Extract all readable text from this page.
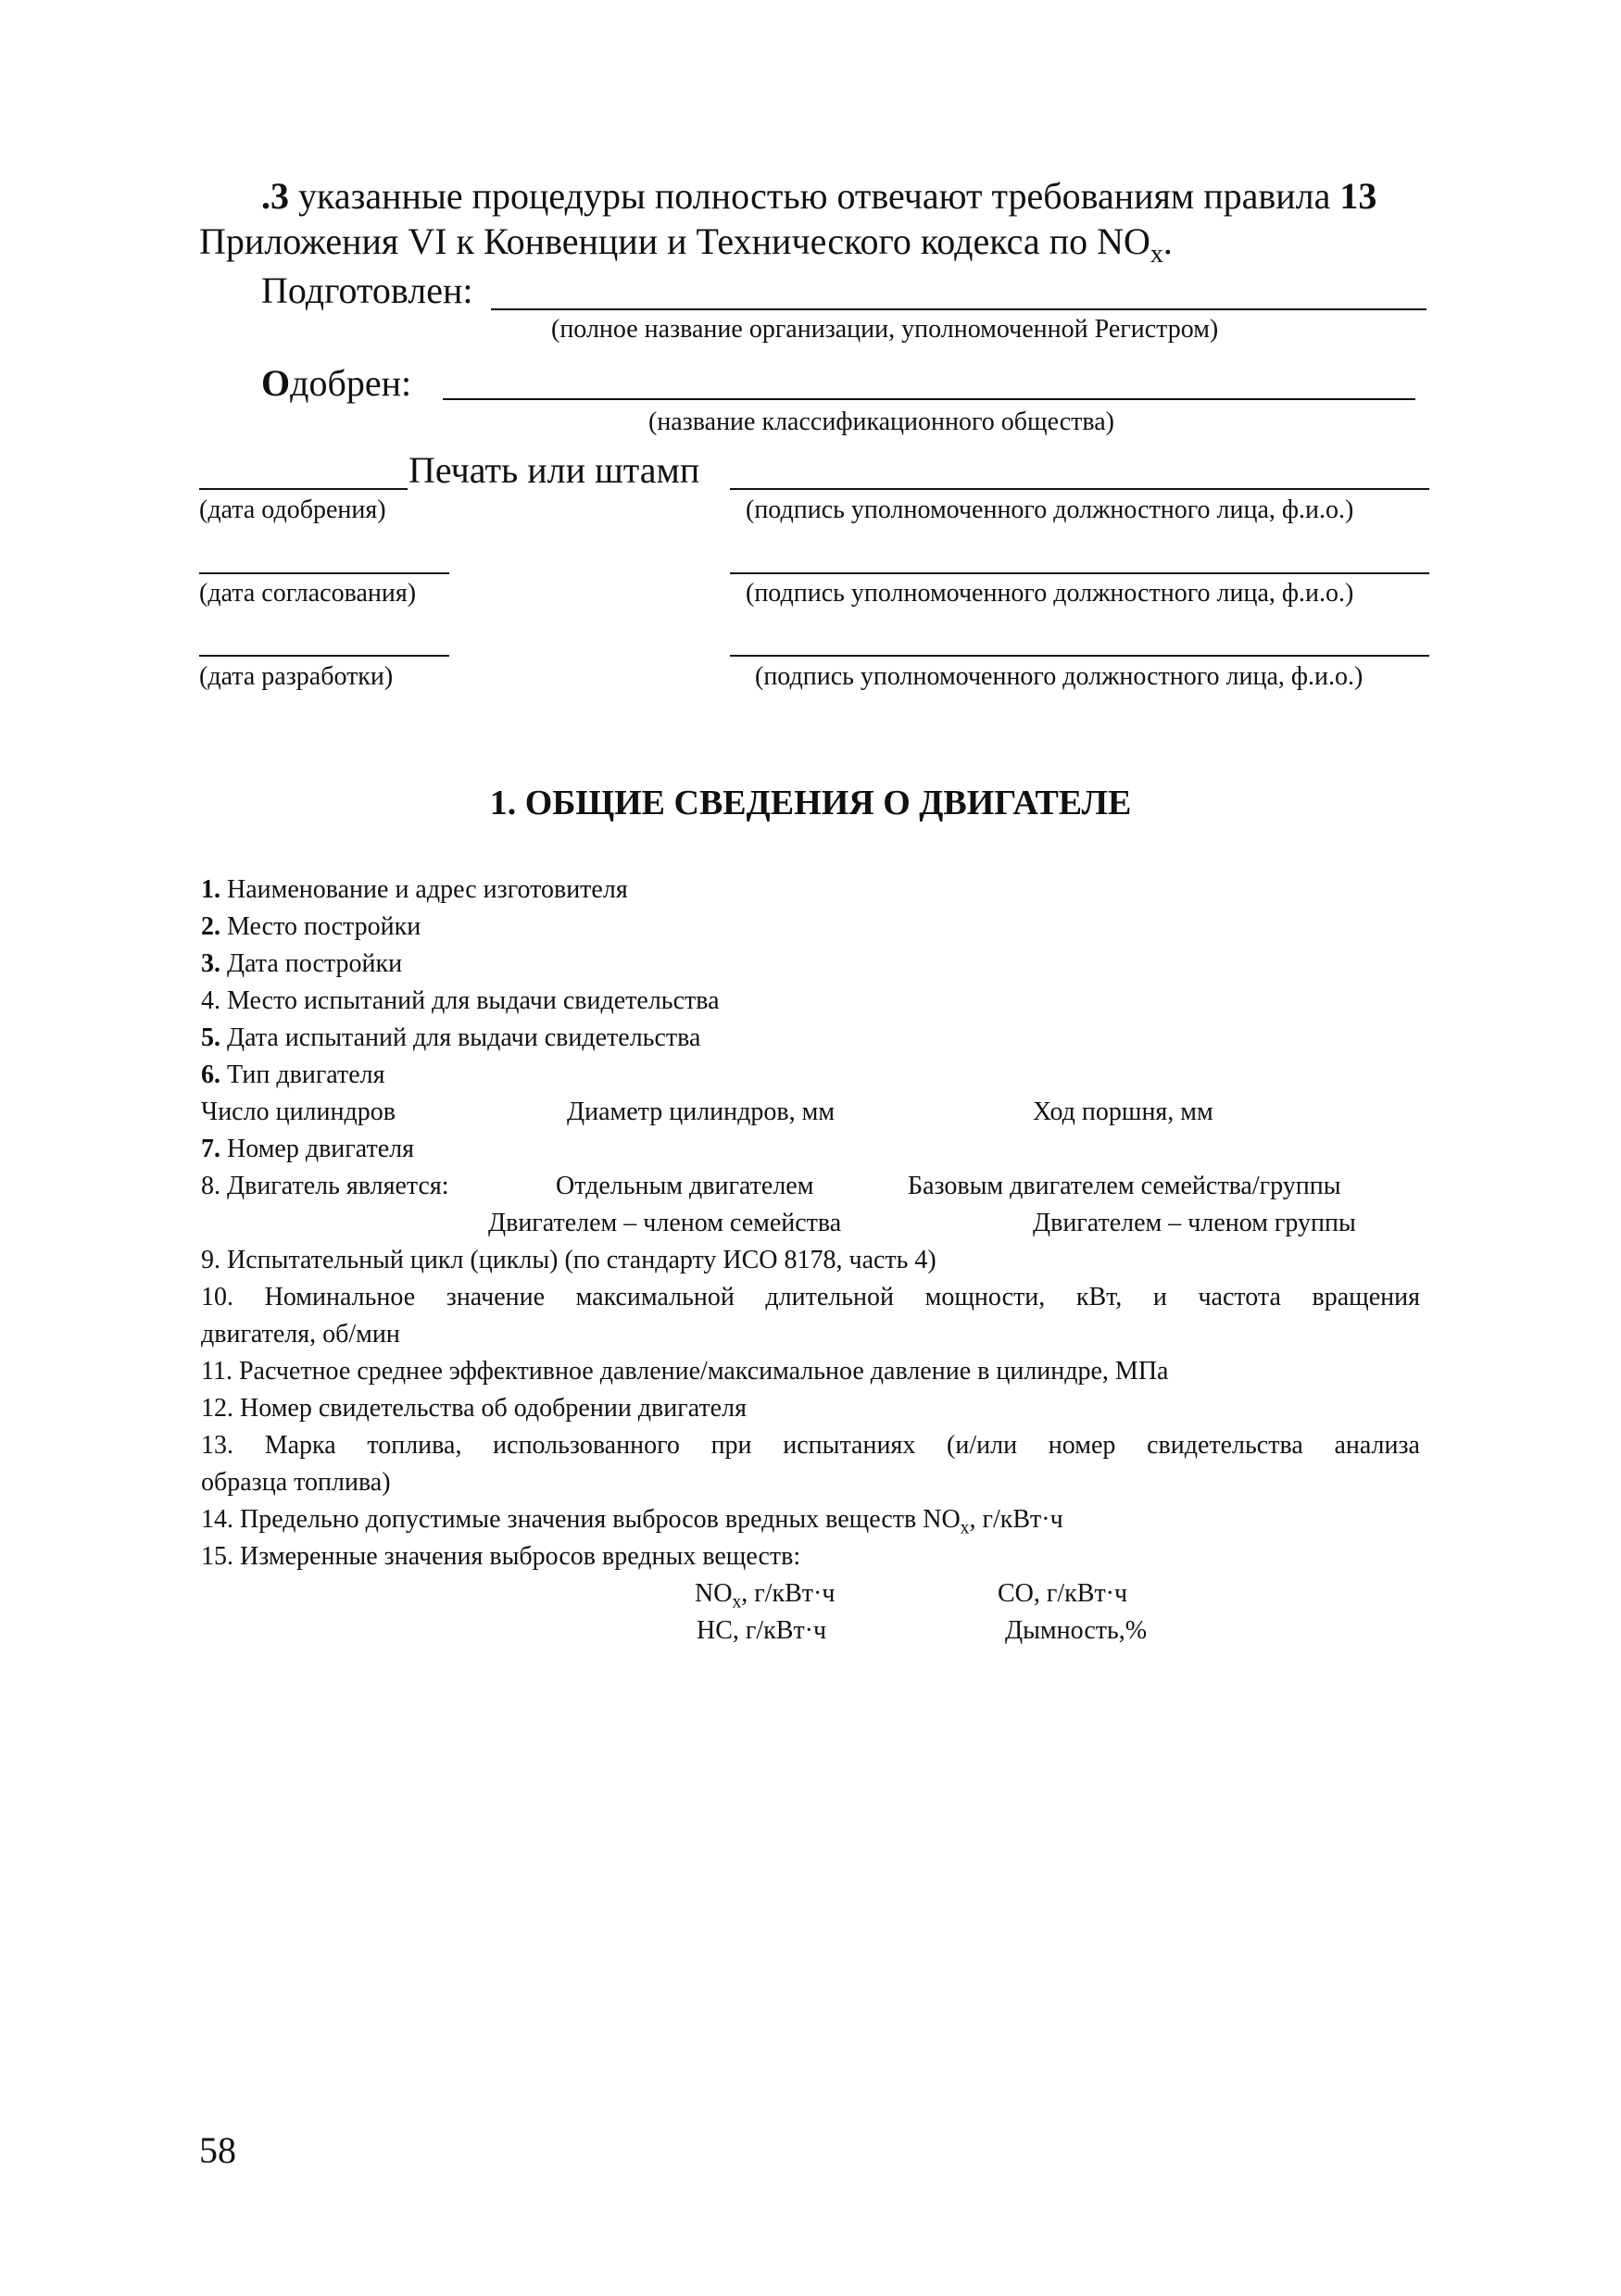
.3 указанные процедуры полностью отвечают требованиям правила 13
Приложения VI к Конвенции и Технического кодекса по $NO_x$.
Подготовлен:
(полное название организации, уполномоченной Регистром)
Одобрен:
(название классификационного общества)
Печать или штамп
(дата одобрения)	(подпись уполномоченного должностного лица, ф.и.о.)
(дата согласования)	(подпись уполномоченного должностного лица, ф.и.о.)
(дата разработки)	(подпись уполномоченного должностного лица, ф.и.о.)
1. ОБЩИЕ СВЕДЕНИЯ О ДВИГАТЕЛЕ
1. Наименование и адрес изготовителя
2. Место постройки
3. Дата постройки
4. Место испытаний для выдачи свидетельства
5. Дата испытаний для выдачи свидетельства
6. Тип двигателя
Число цилиндров	Диаметр цилиндров, мм	Ход поршня, мм
7. Номер двигателя
8. Двигатель является:	Отдельным двигателем	Базовым двигателем семейства/группы
Двигателем – членом семейства	Двигателем – членом группы
9. Испытательный цикл (циклы) (по стандарту ИСО 8178, часть 4)
10. Номинальное значение максимальной длительной мощности, кВт, и частота вращения
двигателя, об/мин
11. Расчетное среднее эффективное давление/максимальное давление в цилиндре, МПа
12. Номер свидетельства об одобрении двигателя
13. Марка топлива, использованного при испытаниях (и/или номер свидетельства анализа
образца топлива)
14. Предельно допустимые значения выбросов вредных веществ $NO_x$, г/кВт·ч
15. Измеренные значения выбросов вредных веществ:
$NO_x$, г/кВт·ч	CO, г/кВт·ч
HC, г/кВт·ч	Дымность,%
58
